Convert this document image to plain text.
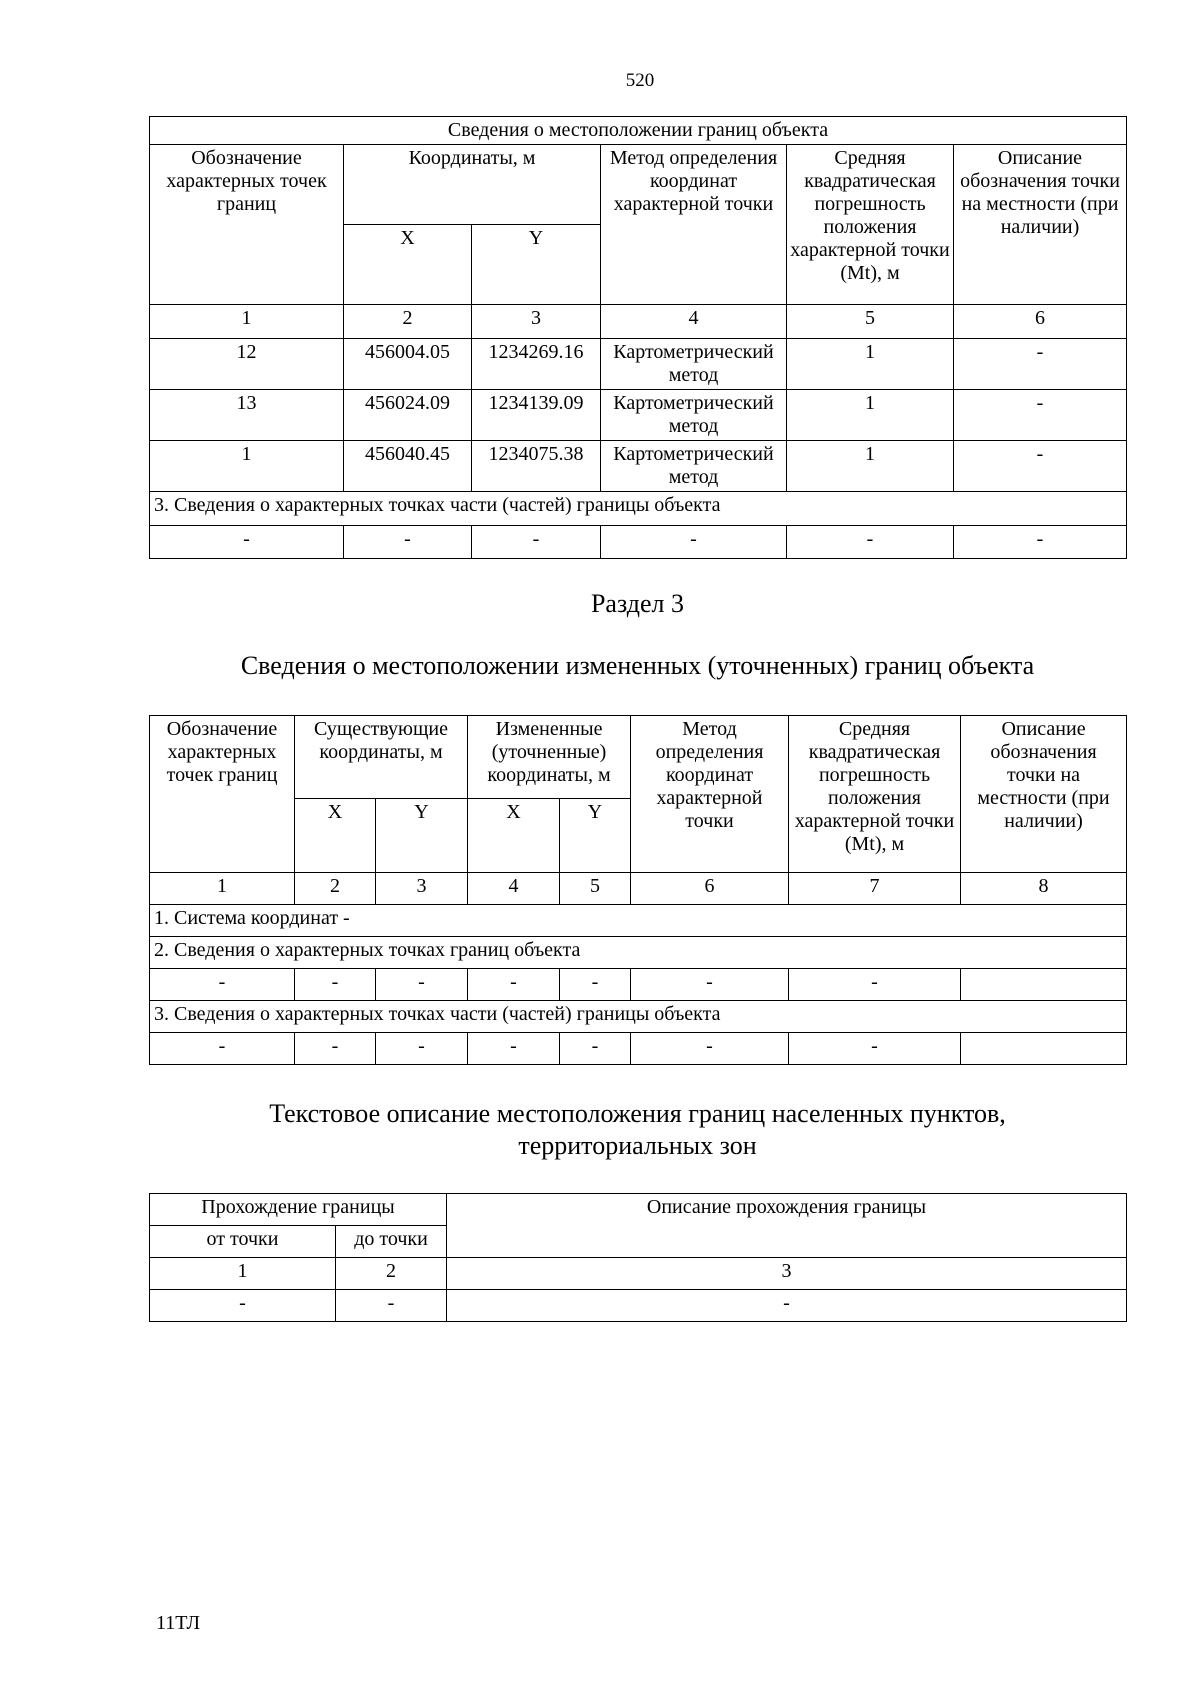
520
Сведения о местоположении границ объекта					
Обозначение характерных точек границ	Координаты, м		Метод определения координат характерной точки	Средняя квадратическая погрешность положения характерной точки (Mt), м	Описание обозначения точки на местности (при наличии)
	X	Y			
1	2	3	4	5	6
12	456004.05	1234269.16	Картометрический метод	1	-
13	456024.09	1234139.09	Картометрический метод	1	-
1	456040.45	1234075.38	Картометрический метод	1	-
3. Сведения о характерных точках части (частей) границы объекта					
-	-	-	-	-	-
Раздел 3
Сведения о местоположении измененных (уточненных) границ объекта
Обозначение характерных точек границ	Существующие координаты, м		Измененные (уточненные) координаты, м		Метод определения координат характерной точки	Средняя квадратическая погрешность положения характерной точки (Mt), м	Описание обозначения точки на местности (при наличии)
	X	Y	X	Y			
1	2	3	4	5	6	7	8
1. Система координат -							
2. Сведения о характерных точках границ объекта							
-	-	-	-	-	-	-	
3. Сведения о характерных точках части (частей) границы объекта							
-	-	-	-	-	-	-	
Текстовое описание местоположения границ населенных пунктов,
территориальных зон
Прохождение границы		Описание прохождения границы
от точки	до точки	
1	2	3
-	-	-
11ТЛ
